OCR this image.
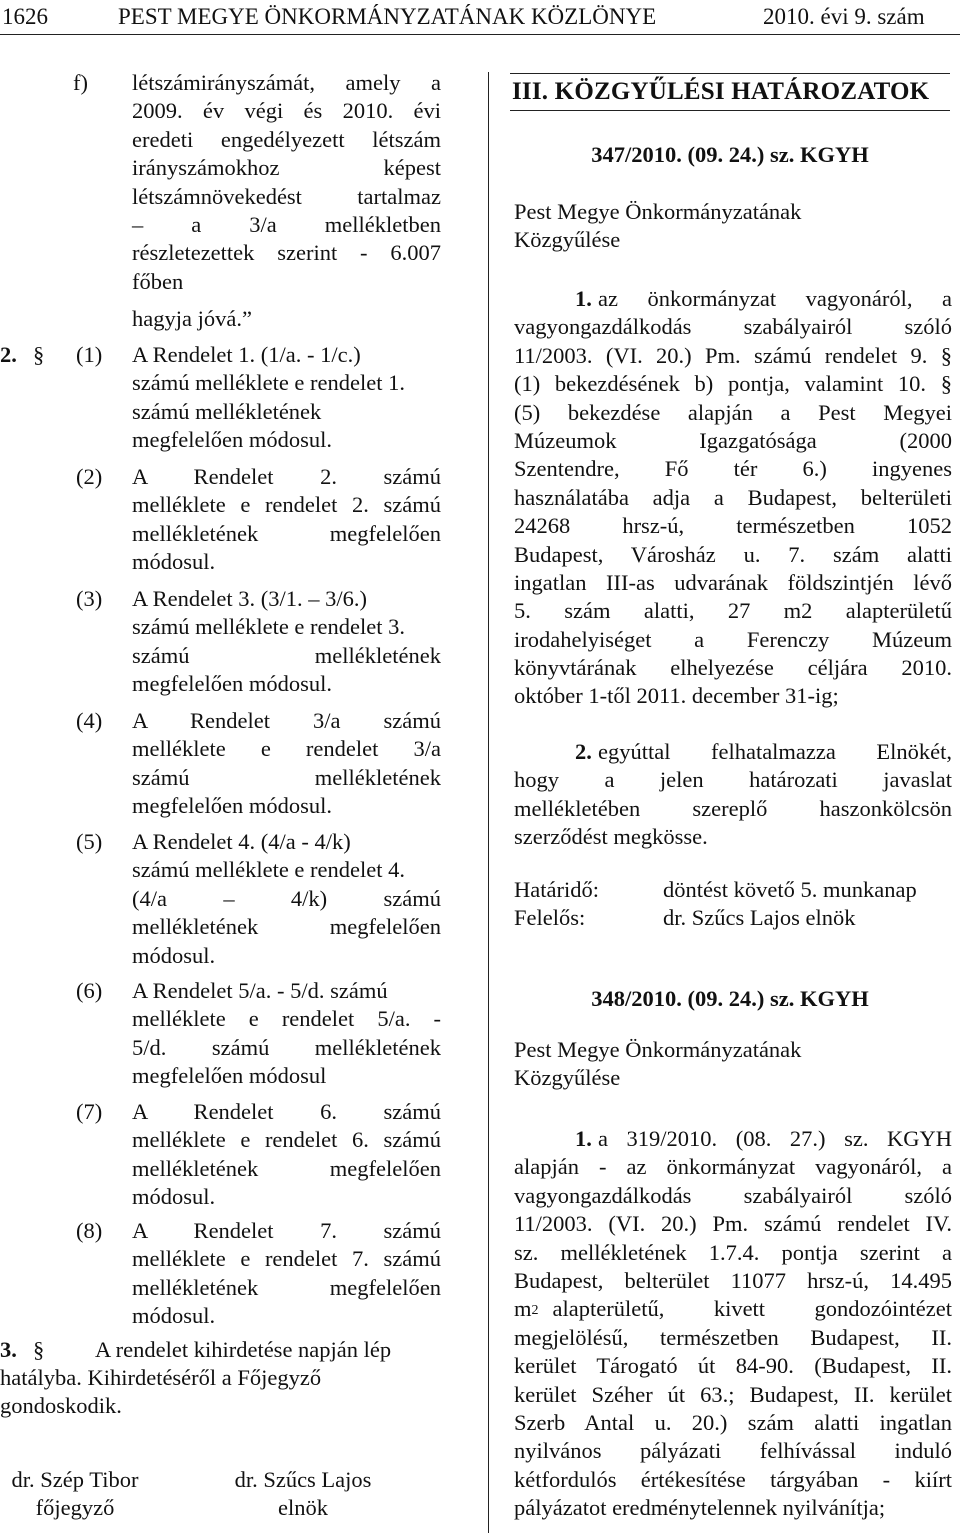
1626	PEST MEGYE ÖNKORMÁNYZATÁNAK KÖZLÖNYE	2010. évi 9. szám
f) létszámirányszámát, amely a
2009. év végi és 2010. évi
eredeti engedélyezett létszám
irányszámokhoz képest
létszámnövekedést tartalmaz
– a 3/a mellékletben
részletezettek szerint - 6.007
főben
hagyja jóvá.”
2. § (1) A Rendelet 1. (1/a. - 1/c.)
számú melléklete e rendelet 1.
számú mellékletének
megfelelően módosul.
(2) A Rendelet 2. számú
melléklete e rendelet 2. számú
mellékletének megfelelően
módosul.
(3) A Rendelet 3. (3/1. – 3/6.)
számú melléklete e rendelet 3.
számú mellékletének
megfelelően módosul.
(4) A Rendelet 3/a számú
melléklete e rendelet 3/a
számú mellékletének
megfelelően módosul.
(5) A Rendelet 4. (4/a - 4/k)
számú melléklete e rendelet 4.
(4/a – 4/k) számú
mellékletének megfelelően
módosul.
(6) A Rendelet 5/a. - 5/d. számú
melléklete e rendelet 5/a. -
5/d. számú mellékletének
megfelelően módosul
(7) A Rendelet 6. számú
melléklete e rendelet 6. számú
mellékletének megfelelően
módosul.
(8) A Rendelet 7. számú
melléklete e rendelet 7. számú
mellékletének megfelelően
módosul.
3. § A rendelet kihirdetése napján lép
hatályba. Kihirdetéséről a Főjegyző
gondoskodik.
dr. Szép Tibor
főjegyző
dr. Szűcs Lajos
elnök
III. KÖZGYŰLÉSI HATÁROZATOK
347/2010. (09. 24.) sz. KGYH
Pest Megye Önkormányzatának
Közgyűlése
1. az önkormányzat vagyonáról, a
vagyongazdálkodás szabályairól szóló
11/2003. (VI. 20.) Pm. számú rendelet 9. §
(1) bekezdésének b) pontja, valamint 10. §
(5) bekezdése alapján a Pest Megyei
Múzeumok Igazgatósága (2000
Szentendre, Fő tér 6.) ingyenes
használatába adja a Budapest, belterületi
24268 hrsz-ú, természetben 1052
Budapest, Városház u. 7. szám alatti
ingatlan III-as udvarának földszintjén lévő
5. szám alatti, 27 m2 alapterületű
irodahelyiséget a Ferenczy Múzeum
könyvtárának elhelyezése céljára 2010.
október 1-től 2011. december 31-ig;
2. egyúttal felhatalmazza Elnökét,
hogy a jelen határozati javaslat
mellékletében szereplő haszonkölcsön
szerződést megkösse.
Határidő:	döntést követő 5. munkanap
Felelős:	dr. Szűcs Lajos elnök
348/2010. (09. 24.) sz. KGYH
Pest Megye Önkormányzatának
Közgyűlése
1. a 319/2010. (08. 27.) sz. KGYH
alapján - az önkormányzat vagyonáról, a
vagyongazdálkodás szabályairól szóló
11/2003. (VI. 20.) Pm. számú rendelet IV.
sz. mellékletének 1.7.4. pontja szerint a
Budapest, belterület 11077 hrsz-ú, 14.495
$m^2$ alapterületű, kivett gondozóintézet
megjelölésű, természetben Budapest, II.
kerület Tárogató út 84-90. (Budapest, II.
kerület Széher út 63.; Budapest, II. kerület
Szerb Antal u. 20.) szám alatti ingatlan
nyilvános pályázati felhívással induló
kétfordulós értékesítése tárgyában - kiírt
pályázatot eredménytelennek nyilvánítja;
